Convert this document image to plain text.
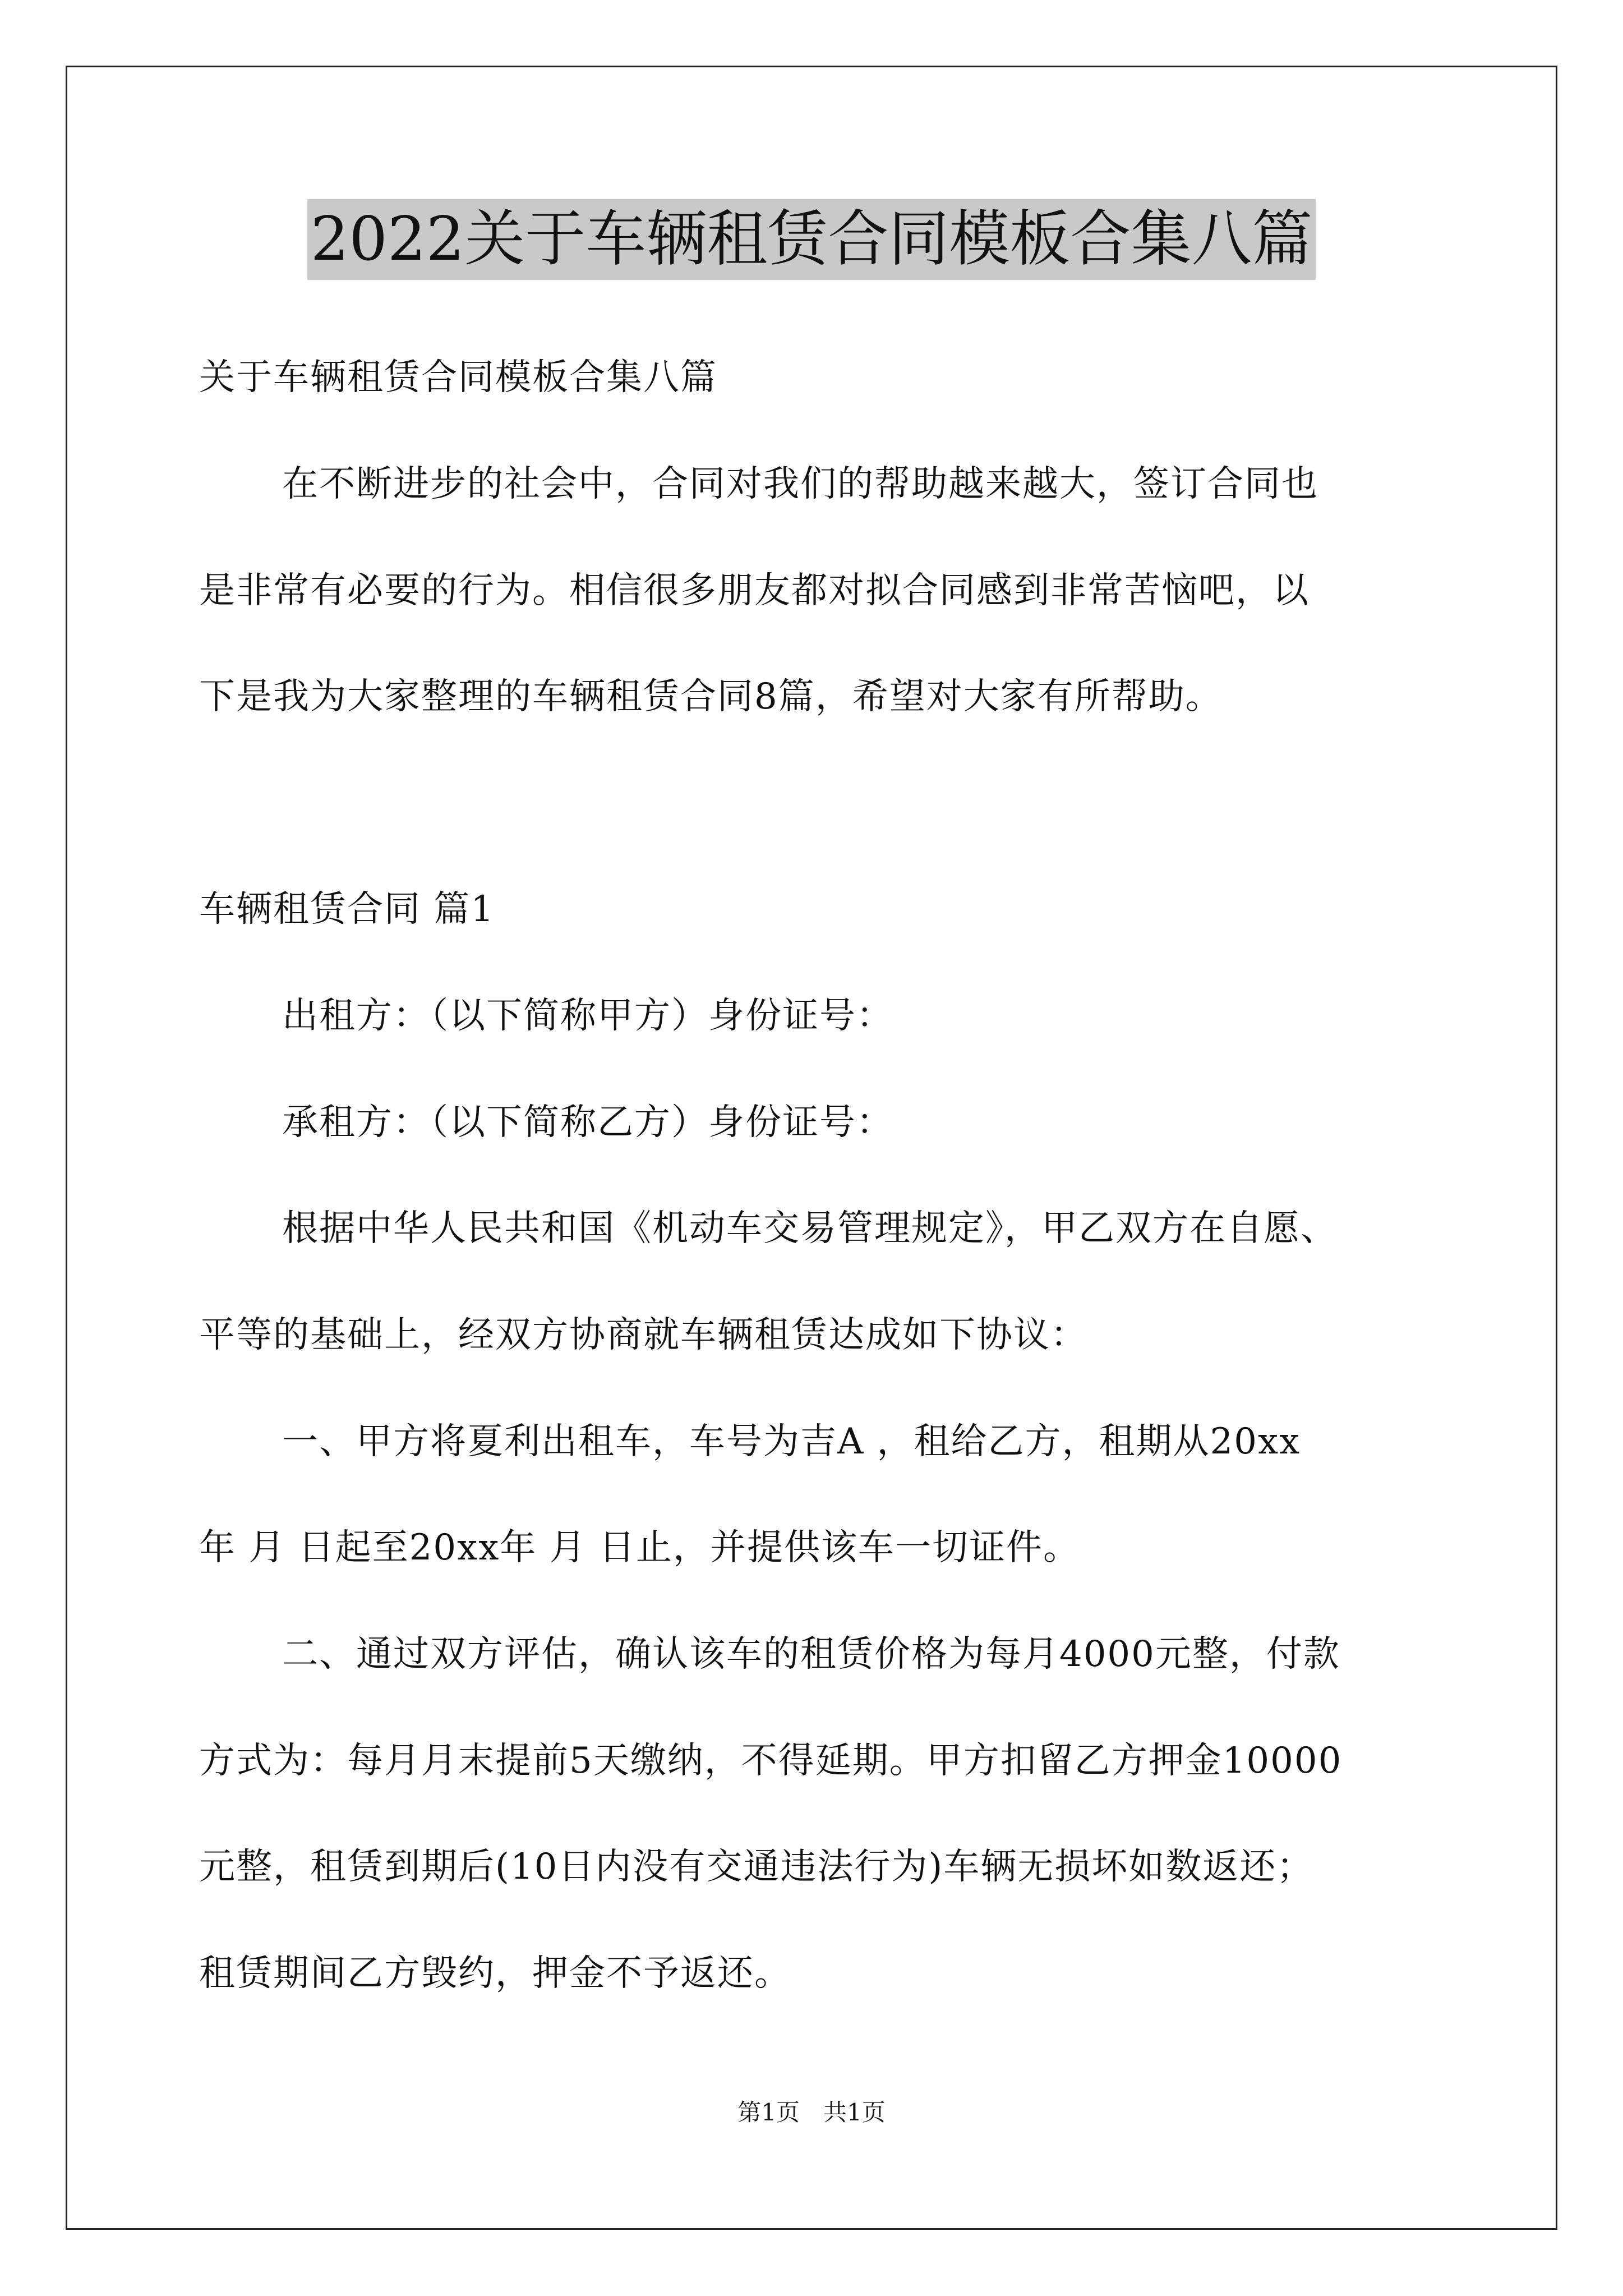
2022关于车辆租赁合同模板合集八篇
关于车辆租赁合同模板合集八篇
在不断进步的社会中，合同对我们的帮助越来越大，签订合同也
是非常有必要的行为。相信很多朋友都对拟合同感到非常苦恼吧，以
下是我为大家整理的车辆租赁合同8篇，希望对大家有所帮助。
车辆租赁合同 篇1
出租方：（以下简称甲方）身份证号：
承租方：（以下简称乙方）身份证号：
根据中华人民共和国《机动车交易管理规定》，甲乙双方在自愿、
平等的基础上，经双方协商就车辆租赁达成如下协议：
一、甲方将夏利出租车，车号为吉A ，租给乙方，租期从20xx
年 月 日起至20xx年 月 日止，并提供该车一切证件。
二、通过双方评估，确认该车的租赁价格为每月4000元整，付款
方式为：每月月末提前5天缴纳，不得延期。甲方扣留乙方押金10000
元整，租赁到期后(10日内没有交通违法行为)车辆无损坏如数返还；
租赁期间乙方毁约，押金不予返还。
第1页　共1页
